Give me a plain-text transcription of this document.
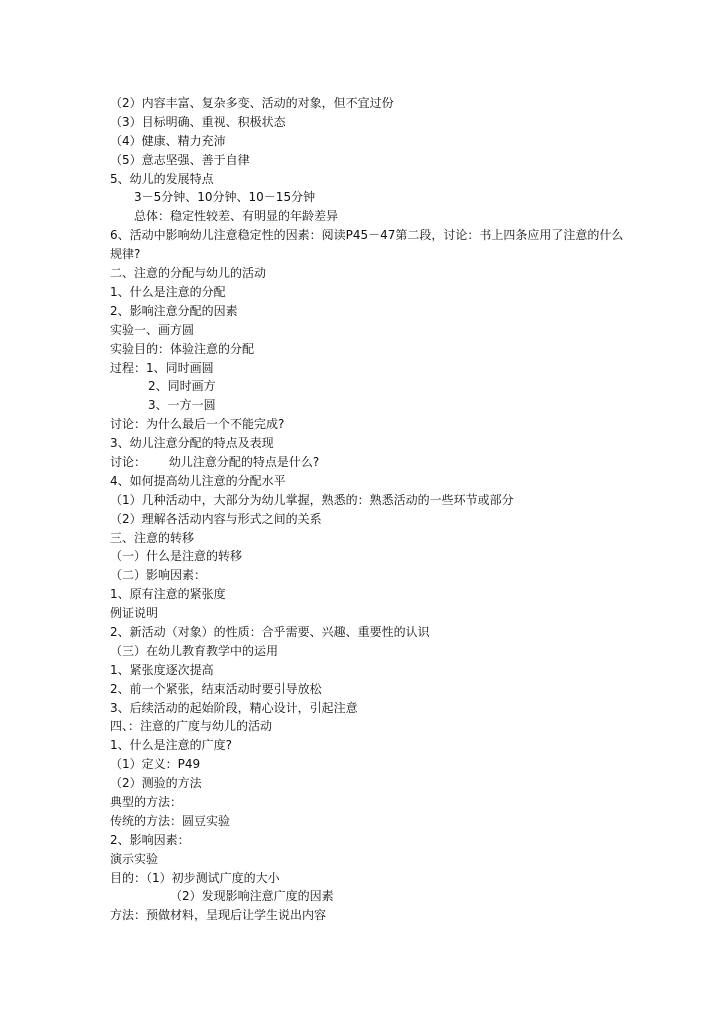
（2）内容丰富、复杂多变、活动的对象，但不宜过份
（3）目标明确、重视、积极状态
（4）健康、精力充沛
（5）意志坚强、善于自律
5、幼儿的发展特点
3－5分钟、10分钟、10－15分钟
总体：稳定性较差、有明显的年龄差异
6、活动中影响幼儿注意稳定性的因素：阅读P45－47第二段，讨论：书上四条应用了注意的什么规律?
二、注意的分配与幼儿的活动
1、什么是注意的分配
2、影响注意分配的因素
实验一、画方圆
实验目的：体验注意的分配
过程：1、同时画圆
2、同时画方
3、一方一圆
讨论：为什么最后一个不能完成?
3、幼儿注意分配的特点及表现
讨论：      幼儿注意分配的特点是什么?
4、如何提高幼儿注意的分配水平
（1）几种活动中，大部分为幼儿掌握，熟悉的：熟悉活动的一些环节或部分
（2）理解各活动内容与形式之间的关系
三、注意的转移
（一）什么是注意的转移
（二）影响因素：
1、原有注意的紧张度
例证说明
2、新活动（对象）的性质：合乎需要、兴趣、重要性的认识
（三）在幼儿教育教学中的运用
1、紧张度逐次提高
2、前一个紧张，结束活动时要引导放松
3、后续活动的起始阶段，精心设计，引起注意
四、：注意的广度与幼儿的活动
1、什么是注意的广度?
（1）定义：P49
（2）测验的方法
典型的方法：
传统的方法：圆豆实验
2、影响因素：
演示实验
目的：（1）初步测试广度的大小
（2）发现影响注意广度的因素
方法：预做材料，呈现后让学生说出内容
